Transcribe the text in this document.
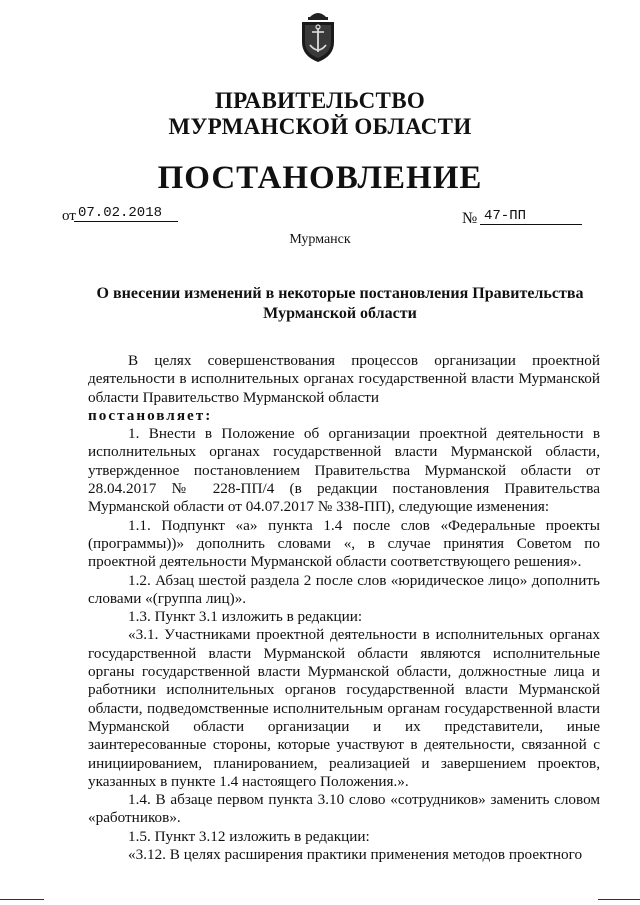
ПРАВИТЕЛЬСТВО
МУРМАНСКОЙ ОБЛАСТИ
ПОСТАНОВЛЕНИЕ
от 07.02.2018	№ 47-ПП
Мурманск
О внесении изменений в некоторые постановления Правительства
Мурманской области

В целях совершенствования процессов организации проектной деятельности в исполнительных органах государственной власти Мурманской области Правительство Мурманской области

постановляет:

1. Внести в Положение об организации проектной деятельности в исполнительных органах государственной власти Мурманской области, утвержденное постановлением Правительства Мурманской области от 28.04.2017 № 228-ПП/4 (в редакции постановления Правительства Мурманской области от 04.07.2017 № 338-ПП), следующие изменения:

1.1. Подпункт «а» пункта 1.4 после слов «Федеральные проекты (программы))» дополнить словами «, в случае принятия Советом по проектной деятельности Мурманской области соответствующего решения».

1.2. Абзац шестой раздела 2 после слов «юридическое лицо» дополнить словами «(группа лиц)».

1.3. Пункт 3.1 изложить в редакции:

«3.1. Участниками проектной деятельности в исполнительных органах государственной власти Мурманской области являются исполнительные органы государственной власти Мурманской области, должностные лица и работники исполнительных органов государственной власти Мурманской области, подведомственные исполнительным органам государственной власти Мурманской области организации и их представители, иные заинтересованные стороны, которые участвуют в деятельности, связанной с инициированием, планированием, реализацией и завершением проектов, указанных в пункте 1.4 настоящего Положения.».

1.4. В абзаце первом пункта 3.10 слово «сотрудников» заменить словом «работников».

1.5. Пункт 3.12 изложить в редакции:

«3.12. В целях расширения практики применения методов проектного
